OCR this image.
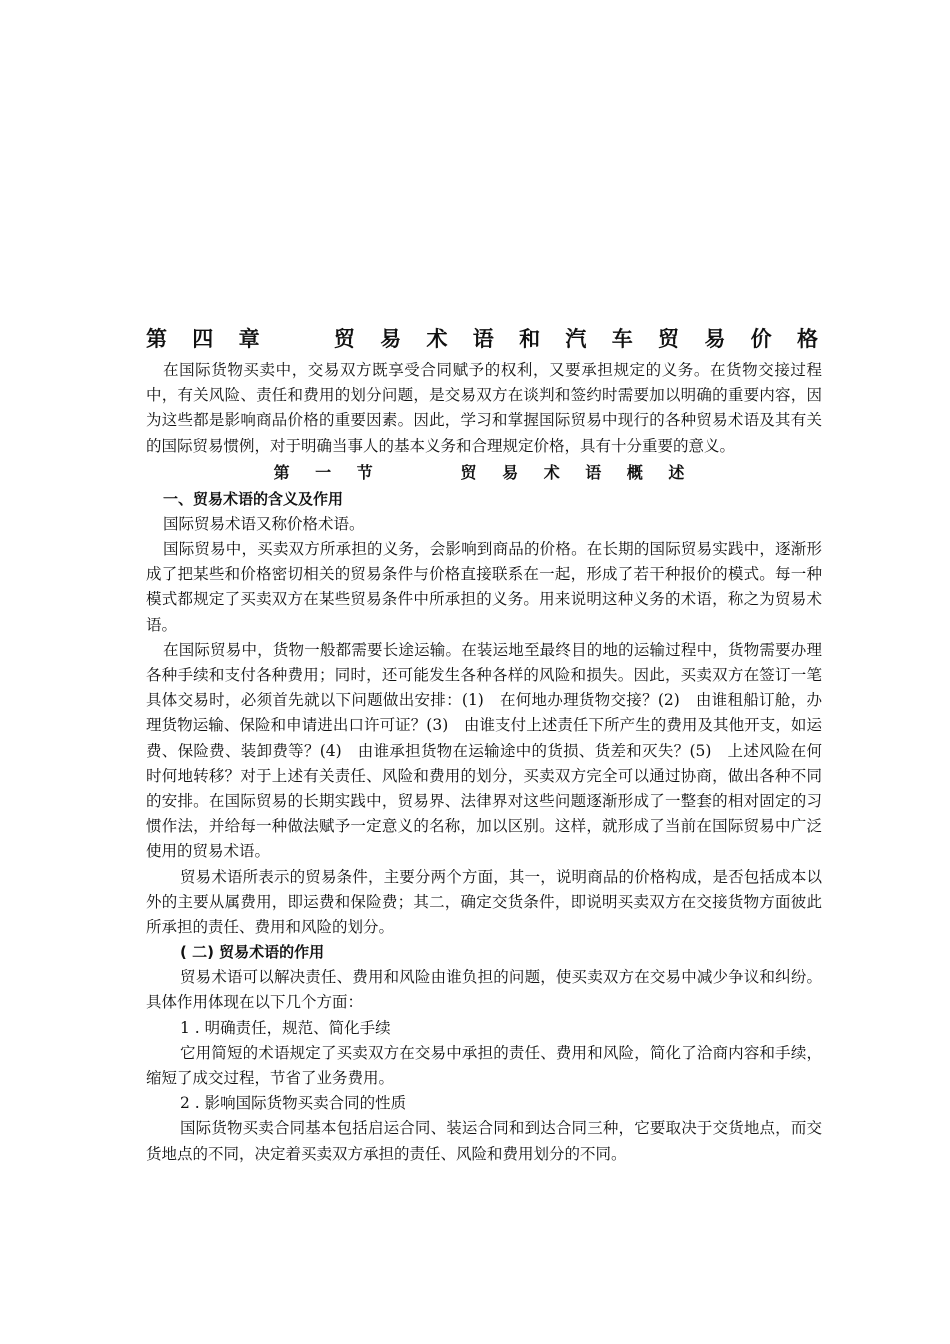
第 四 章    贸 易 术 语 和 汽 车 贸 易 价 格

在国际货物买卖中，交易双方既享受合同赋予的权利，又要承担规定的义务。在货物交接过程中，有关风险、责任和费用的划分问题，是交易双方在谈判和签约时需要加以明确的重要内容，因为这些都是影响商品价格的重要因素。因此，学习和掌握国际贸易中现行的各种贸易术语及其有关的国际贸易惯例，对于明确当事人的基本义务和合理规定价格，具有十分重要的意义。

第 一 节     贸 易 术 语 概 述
一、贸易术语的含义及作用

国际贸易术语又称价格术语。

国际贸易中，买卖双方所承担的义务，会影响到商品的价格。在长期的国际贸易实践中，逐渐形成了把某些和价格密切相关的贸易条件与价格直接联系在一起，形成了若干种报价的模式。每一种模式都规定了买卖双方在某些贸易条件中所承担的义务。用来说明这种义务的术语，称之为贸易术语。

在国际贸易中，货物一般都需要长途运输。在装运地至最终目的地的运输过程中，货物需要办理各种手续和支付各种费用；同时，还可能发生各种各样的风险和损失。因此，买卖双方在签订一笔具体交易时，必须首先就以下问题做出安排：(1)　在何地办理货物交接？(2)　由谁租船订舱，办理货物运输、保险和申请进出口许可证？(3)　由谁支付上述责任下所产生的费用及其他开支，如运费、保险费、装卸费等？(4)　由谁承担货物在运输途中的货损、货差和灭失？(5)　上述风险在何时何地转移？对于上述有关责任、风险和费用的划分，买卖双方完全可以通过协商，做出各种不同的安排。在国际贸易的长期实践中，贸易界、法律界对这些问题逐渐形成了一整套的相对固定的习惯作法，并给每一种做法赋予一定意义的名称，加以区别。这样，就形成了当前在国际贸易中广泛使用的贸易术语。

贸易术语所表示的贸易条件，主要分两个方面，其一，说明商品的价格构成，是否包括成本以外的主要从属费用，即运费和保险费；其二，确定交货条件，即说明买卖双方在交接货物方面彼此所承担的责任、费用和风险的划分。

( 二) 贸易术语的作用

贸易术语可以解决责任、费用和风险由谁负担的问题，使买卖双方在交易中减少争议和纠纷。具体作用体现在以下几个方面：

1 . 明确责任，规范、简化手续

它用简短的术语规定了买卖双方在交易中承担的责任、费用和风险，简化了洽商内容和手续，缩短了成交过程，节省了业务费用。

2 . 影响国际货物买卖合同的性质

国际货物买卖合同基本包括启运合同、装运合同和到达合同三种，它要取决于交货地点，而交货地点的不同，决定着买卖双方承担的责任、风险和费用划分的不同。
